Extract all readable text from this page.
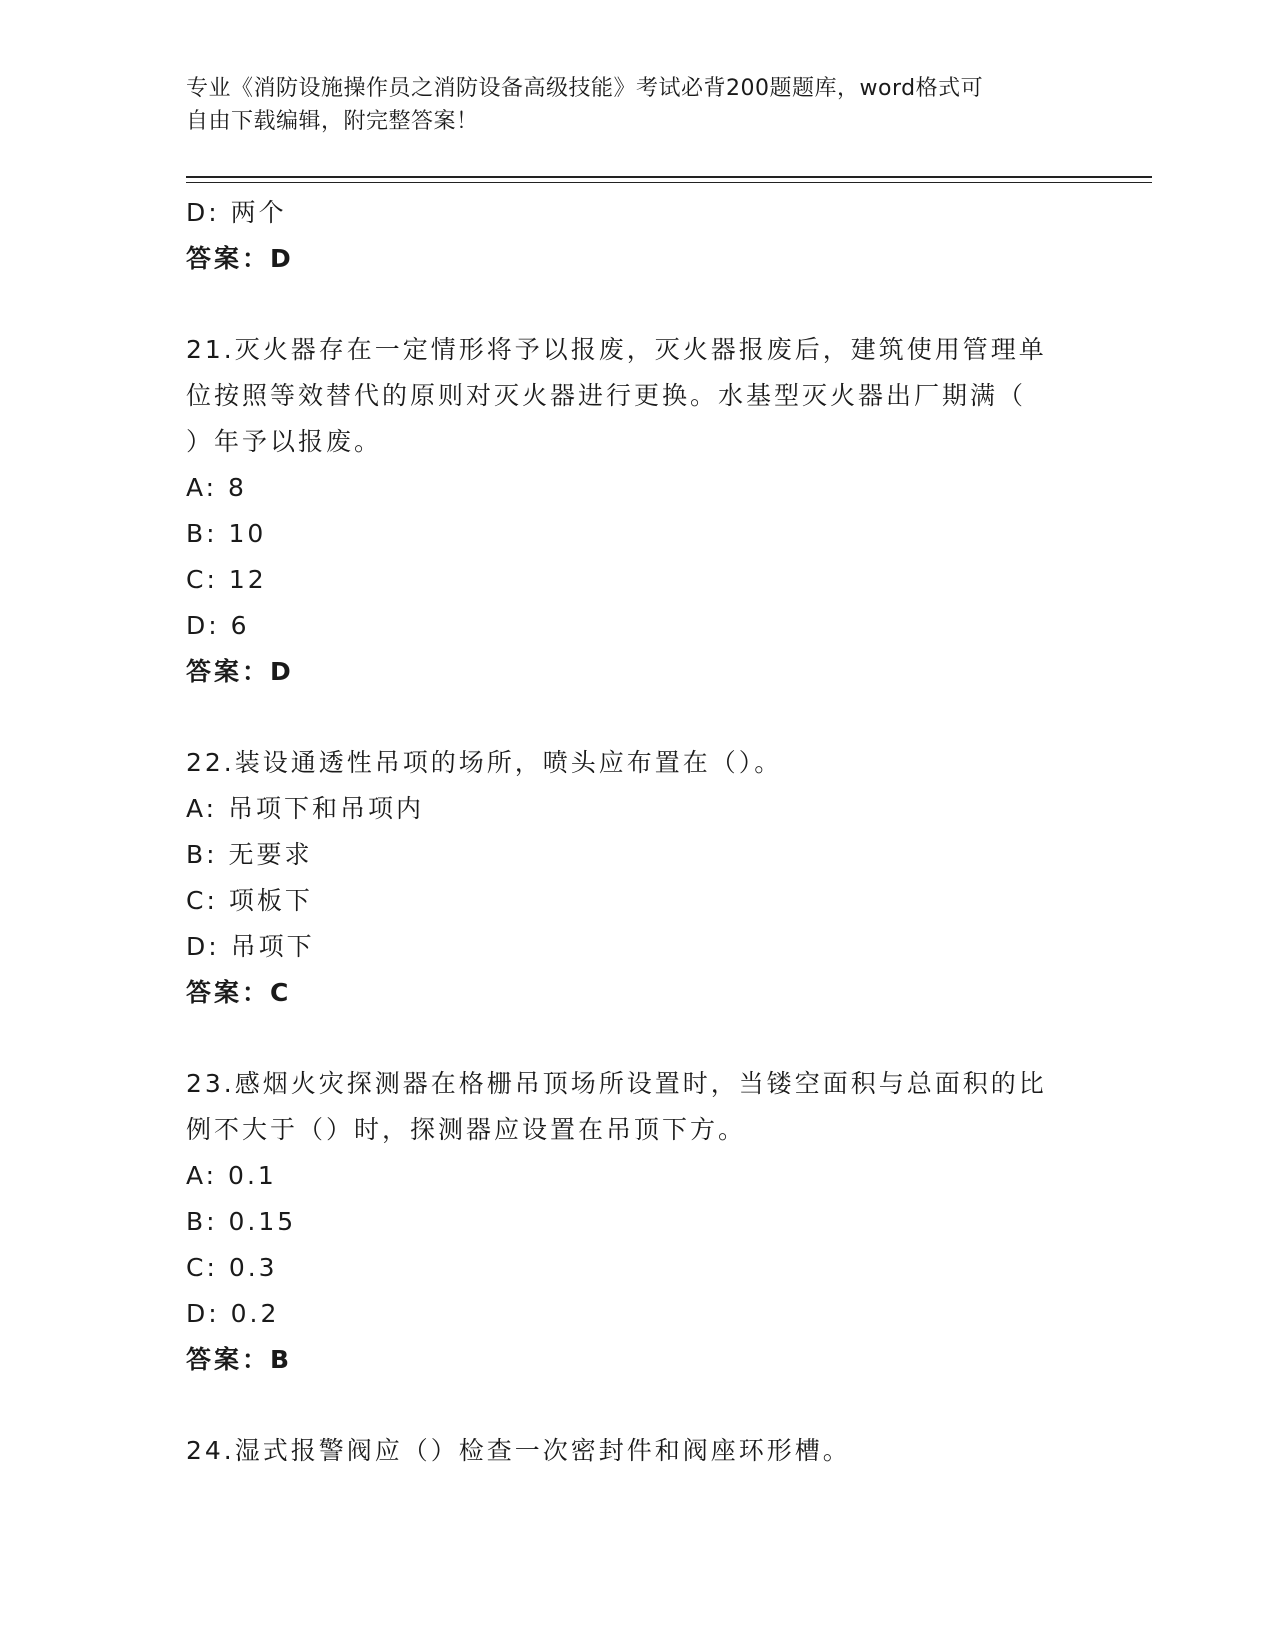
专业《消防设施操作员之消防设备高级技能》考试必背200题题库，word格式可
自由下载编辑，附完整答案！
D: 两个
答案：D
21.灭火器存在一定情形将予以报废，灭火器报废后，建筑使用管理单
位按照等效替代的原则对灭火器进行更换。水基型灭火器出厂期满（
）年予以报废。
A: 8
B: 10
C: 12
D: 6
答案：D
22.装设通透性吊项的场所，喷头应布置在（）。
A: 吊项下和吊项内
B: 无要求
C: 项板下
D: 吊项下
答案：C
23.感烟火灾探测器在格栅吊顶场所设置时，当镂空面积与总面积的比
例不大于（）时，探测器应设置在吊顶下方。
A: 0.1
B: 0.15
C: 0.3
D: 0.2
答案：B
24.湿式报警阀应（）检查一次密封件和阀座环形槽。
